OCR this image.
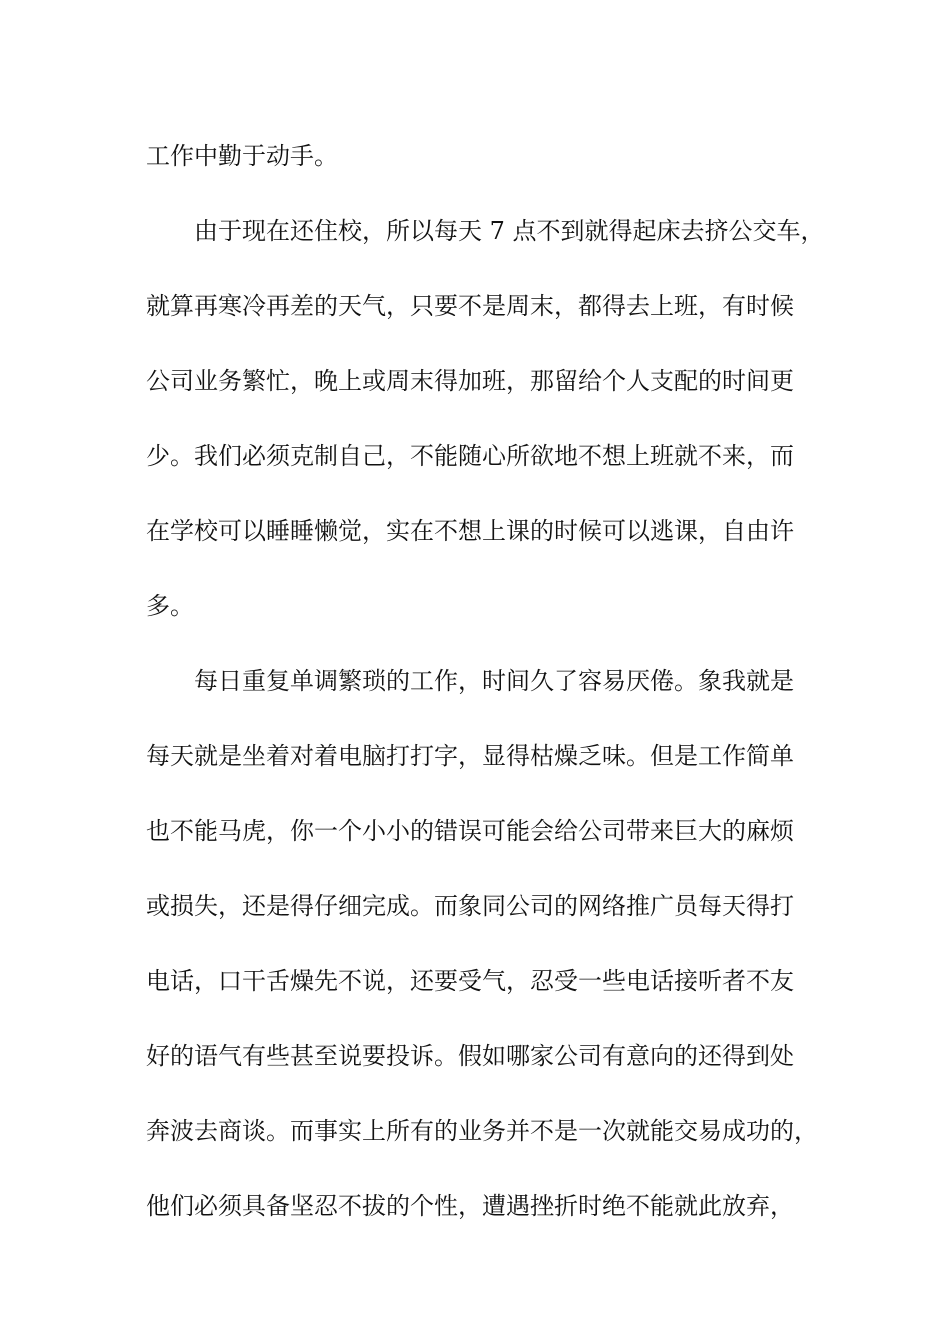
工作中勤于动手。
由于现在还住校，所以每天 7 点不到就得起床去挤公交车，
就算再寒冷再差的天气，只要不是周末，都得去上班，有时候
公司业务繁忙，晚上或周末得加班，那留给个人支配的时间更
少。我们必须克制自己，不能随心所欲地不想上班就不来，而
在学校可以睡睡懒觉，实在不想上课的时候可以逃课，自由许
多。
每日重复单调繁琐的工作，时间久了容易厌倦。象我就是
每天就是坐着对着电脑打打字，显得枯燥乏味。但是工作简单
也不能马虎，你一个小小的错误可能会给公司带来巨大的麻烦
或损失，还是得仔细完成。而象同公司的网络推广员每天得打
电话，口干舌燥先不说，还要受气，忍受一些电话接听者不友
好的语气有些甚至说要投诉。假如哪家公司有意向的还得到处
奔波去商谈。而事实上所有的业务并不是一次就能交易成功的，
他们必须具备坚忍不拔的个性，遭遇挫折时绝不能就此放弃，
